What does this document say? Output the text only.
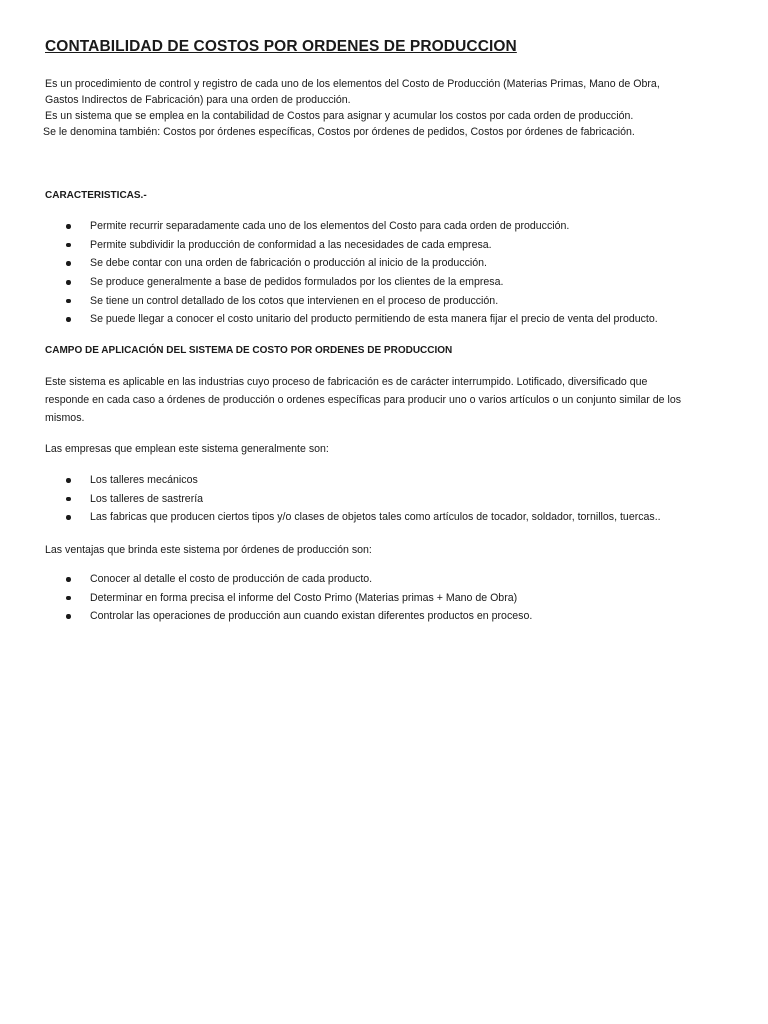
CONTABILIDAD DE COSTOS POR ORDENES DE PRODUCCION

Es un procedimiento de control y registro de cada uno de los elementos del Costo de Producción (Materias Primas, Mano de Obra,

Gastos Indirectos de Fabricación) para una orden de producción.

Es un sistema que se emplea en la contabilidad de Costos para asignar y acumular los costos por cada orden de producción.

Se le denomina también: Costos por órdenes específicas, Costos por órdenes de pedidos, Costos por órdenes de fabricación.

CARACTERISTICAS.-
Permite recurrir separadamente cada uno de los elementos del Costo para cada orden de producción.
Permite subdividir la producción de conformidad a las necesidades de cada empresa.
Se debe contar con una orden de fabricación o producción al inicio de la producción.
Se produce generalmente a base de pedidos formulados por los clientes de la empresa.
Se tiene un control detallado de los cotos que intervienen en el proceso de producción.
Se puede llegar a conocer el costo unitario del producto permitiendo de esta manera fijar el precio de venta del producto.
CAMPO DE APLICACIÓN DEL SISTEMA DE COSTO POR ORDENES DE PRODUCCION
Este sistema es aplicable en las industrias cuyo proceso de fabricación es de carácter interrumpido. Lotificado, diversificado que
responde en cada caso a órdenes de producción o ordenes específicas para producir uno o varios artículos o un conjunto similar de los
mismos.

Las empresas que emplean este sistema generalmente son:

Los talleres mecánicos
Los talleres de sastrería
Las fabricas que producen ciertos tipos y/o clases de objetos tales como artículos de tocador, soldador, tornillos, tuercas..

Las ventajas que brinda este sistema por órdenes de producción son:

Conocer al detalle el costo de producción de cada producto.
Determinar en forma precisa el informe del Costo Primo (Materias primas + Mano de Obra)
Controlar las operaciones de producción aun cuando existan diferentes productos en proceso.
